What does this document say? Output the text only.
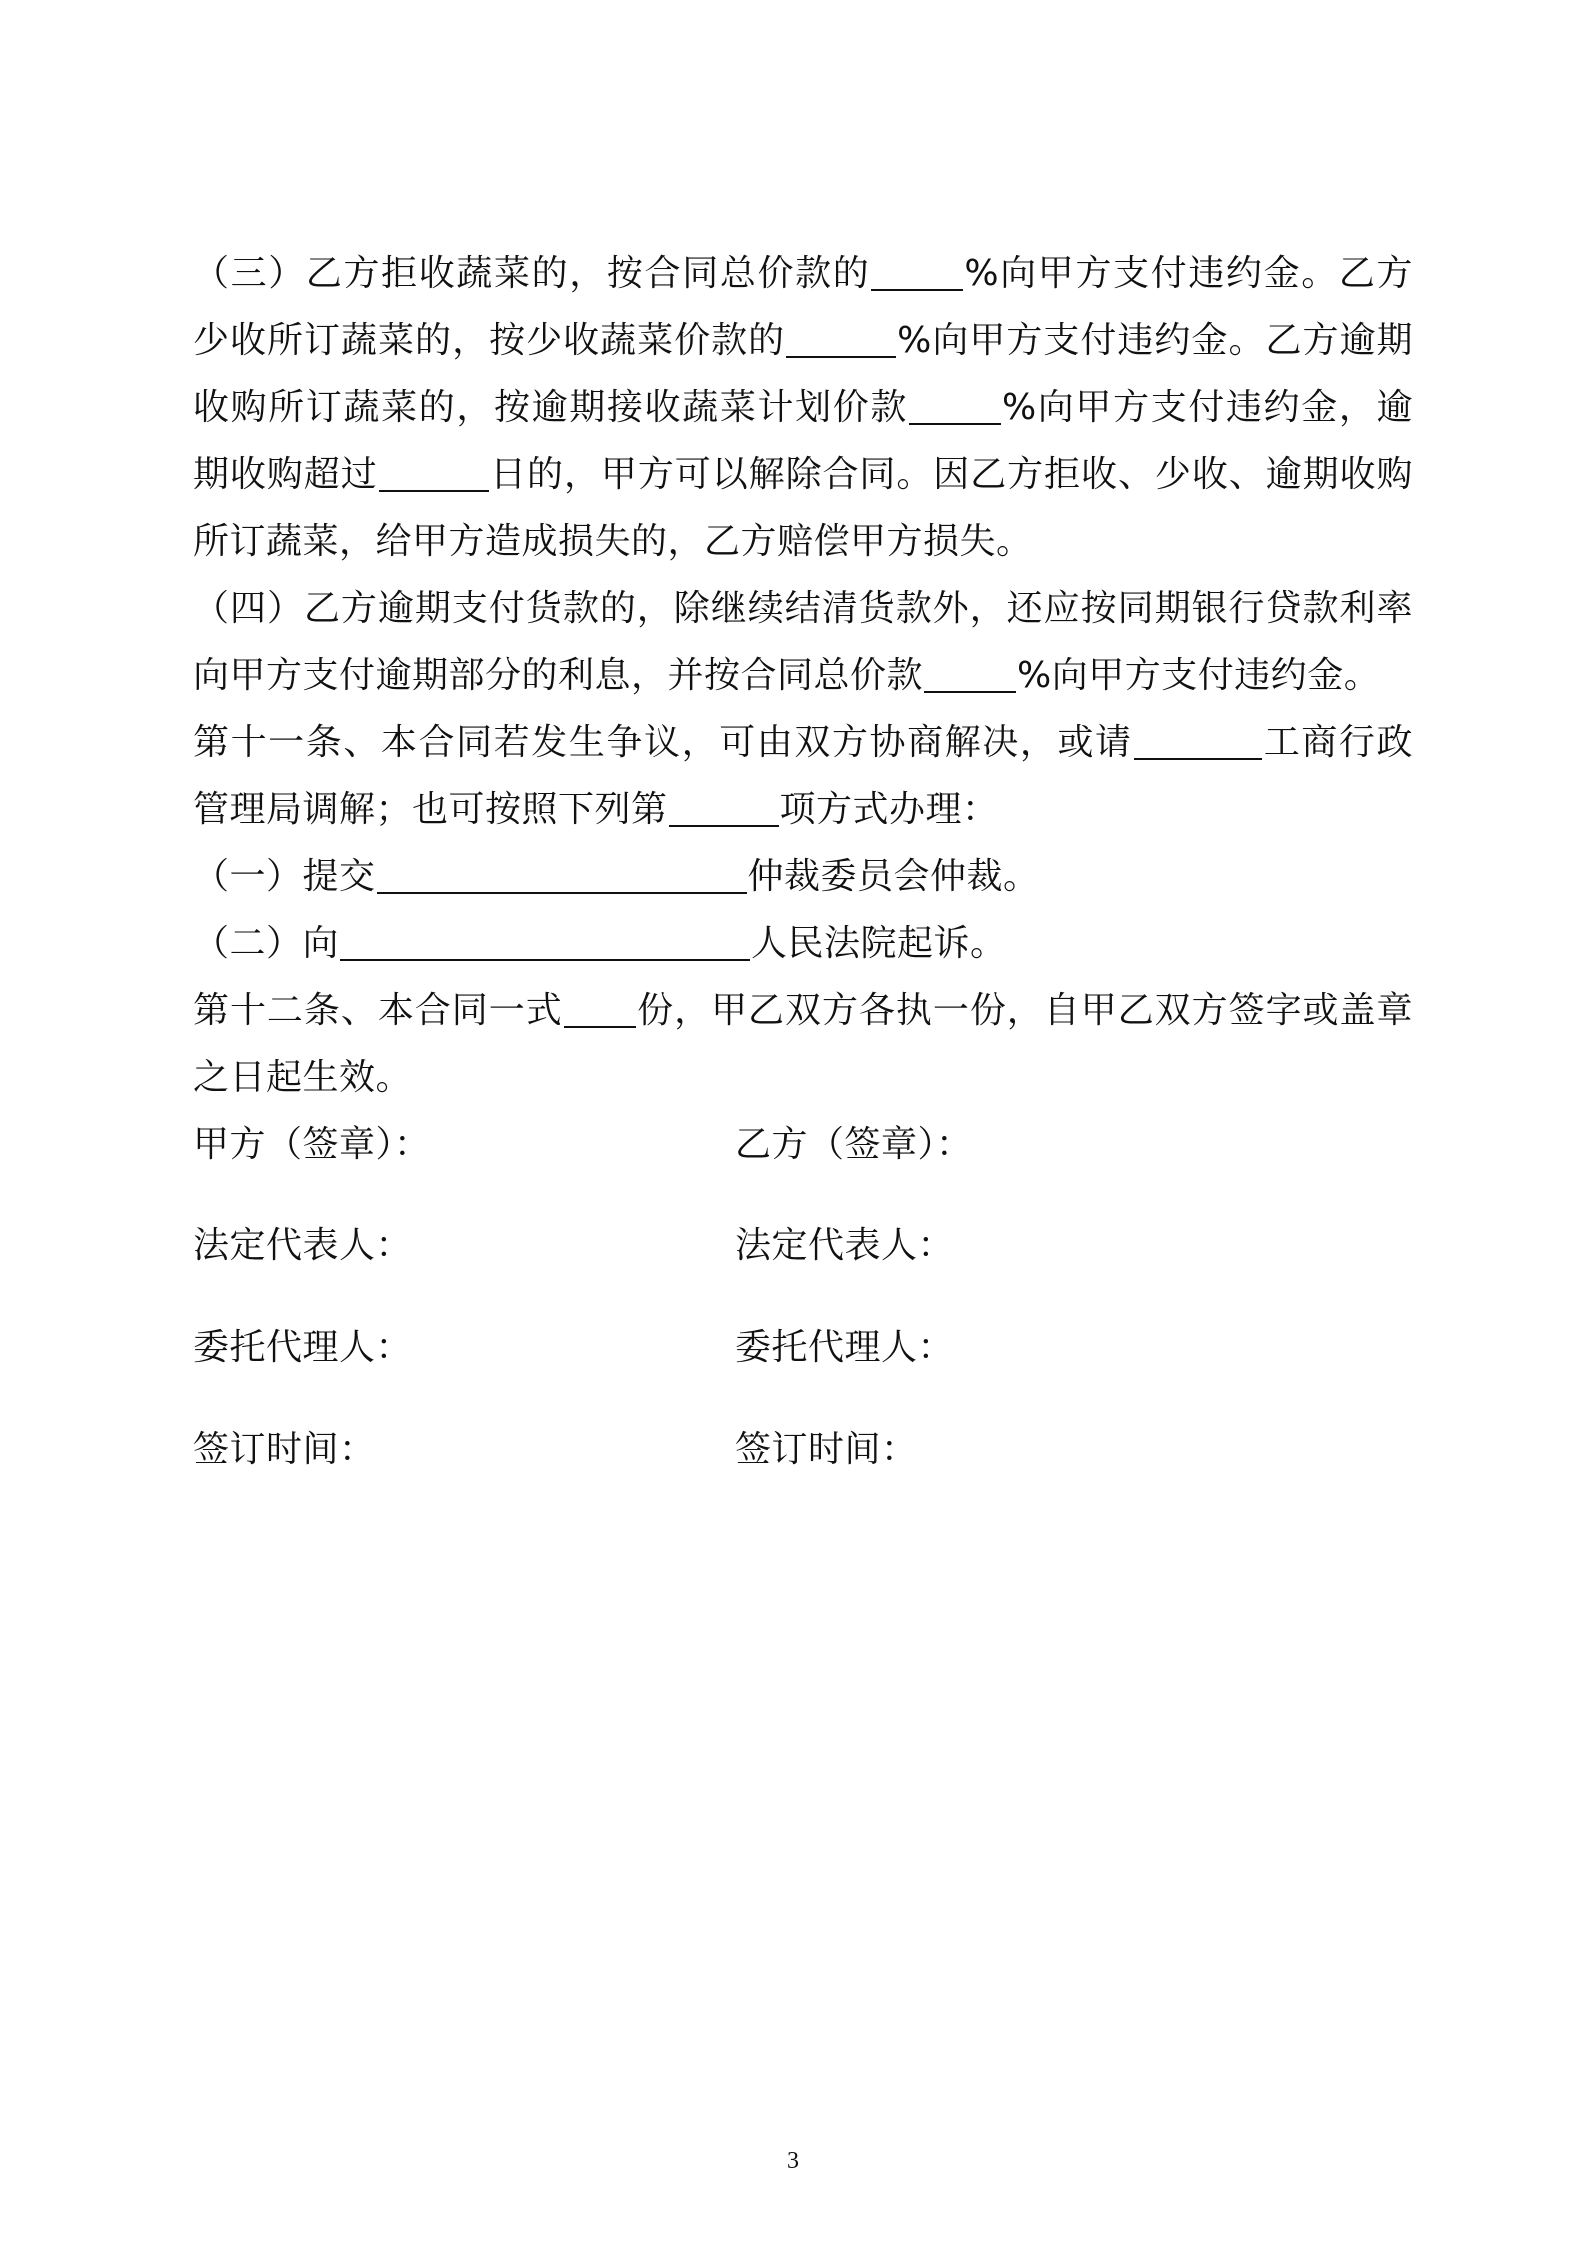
（三）乙方拒收蔬菜的，按合同总价款的	%向甲方支付违约金。乙方少收所订蔬菜的，按少收蔬菜价款的	%向甲方支付违约金。乙方逾期收购所订蔬菜的，按逾期接收蔬菜计划价款	%向甲方支付违约金，逾期收购超过	日的，甲方可以解除合同。因乙方拒收、少收、逾期收购所订蔬菜，给甲方造成损失的，乙方赔偿甲方损失。

（四）乙方逾期支付货款的，除继续结清货款外，还应按同期银行贷款利率向甲方支付逾期部分的利息，并按合同总价款	%向甲方支付违约金。

第十一条、本合同若发生争议，可由双方协商解决，或请	工商行政管理局调解；也可按照下列第	项方式办理：

（一）提交	仲裁委员会仲裁。

（二）向	人民法院起诉。

第十二条、本合同一式 份，甲乙双方各执一份，自甲乙双方签字或盖章之日起生效。

甲方（签章）：	乙方（签章）：
法定代表人：	法定代表人：
委托代理人：	委托代理人：
签订时间：	签订时间：
3
